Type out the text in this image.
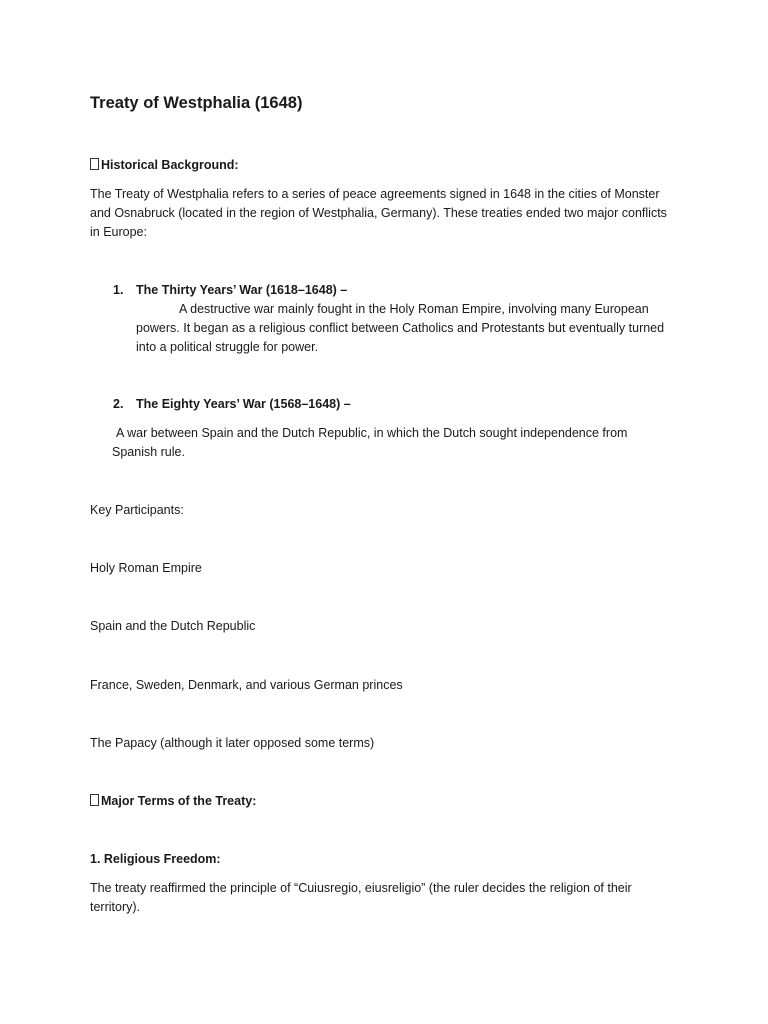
Treaty of Westphalia (1648)

Historical Background:

The Treaty of Westphalia refers to a series of peace agreements signed in 1648 in the cities of Monster and Osnabruck (located in the region of Westphalia, Germany). These treaties ended two major conflicts in Europe:

1. The Thirty Years’ War (1618–1648) –

A destructive war mainly fought in the Holy Roman Empire, involving many European powers. It began as a religious conflict between Catholics and Protestants but eventually turned into a political struggle for power.

2. The Eighty Years’ War (1568–1648) –

A war between Spain and the Dutch Republic, in which the Dutch sought independence from Spanish rule.

Key Participants:

Holy Roman Empire

Spain and the Dutch Republic

France, Sweden, Denmark, and various German princes

The Papacy (although it later opposed some terms)

Major Terms of the Treaty:

1. Religious Freedom:

The treaty reaffirmed the principle of “Cuiusregio, eiusreligio” (the ruler decides the religion of their territory).
